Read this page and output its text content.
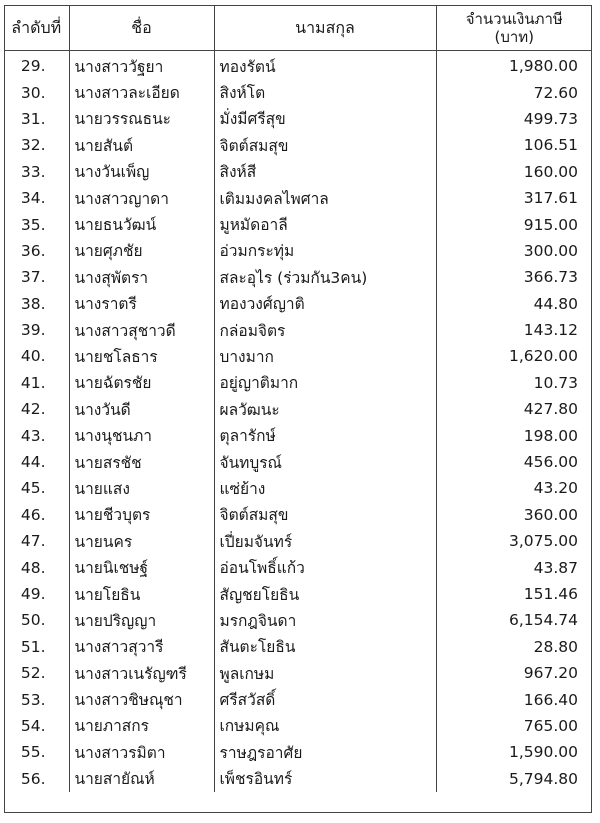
ลำดับที่	ชื่อ	นามสกุล	จำนวนเงินภาษี
(บาท)

29.	นางสาววัฐยา	ทองรัตน์	1,980.00
30.	นางสาวละเอียด	สิงห์โต	72.60
31.	นายวรรณธนะ	มั่งมีศรีสุข	499.73
32.	นายสันต์	จิตต์สมสุข	106.51
33.	นางวันเพ็ญ	สิงห์สี	160.00
34.	นางสาวญาดา	เติมมงคลไพศาล	317.61
35.	นายธนวัฒน์	มูหมัดอาลี	915.00
36.	นายศุภชัย	อ่วมกระทุ่ม	300.00
37.	นางสุพัตรา	สละอุไร (ร่วมกัน3คน)	366.73
38.	นางราตรี	ทองวงศ์ญาติ	44.80
39.	นางสาวสุชาวดี	กล่อมจิตร	143.12
40.	นายชโลธาร	บางมาก	1,620.00
41.	นายฉัตรชัย	อยู่ญาติมาก	10.73
42.	นางวันดี	ผลวัฒนะ	427.80
43.	นางนุชนภา	ตุลารักษ์	198.00
44.	นายสรชัช	จันทบูรณ์	456.00
45.	นายแสง	แซ่ย้าง	43.20
46.	นายชีวบุตร	จิตต์สมสุข	360.00
47.	นายนคร	เปี่ยมจันทร์	3,075.00
48.	นายนิเชษฐ์	อ่อนโพธิ์แก้ว	43.87
49.	นายโยธิน	สัญชยโยธิน	151.46
50.	นายปริญญา	มรกฎจินดา	6,154.74
51.	นางสาวสุวารี	สันตะโยธิน	28.80
52.	นางสาวเนรัญฑรี	พูลเกษม	967.20
53.	นางสาวชิษณุชา	ศรีสวัสดิ์	166.40
54.	นายภาสกร	เกษมคุณ	765.00
55.	นางสาวรมิตา	ราษฎรอาศัย	1,590.00
56.	นายสายัณห์	เพ็ชรอินทร์	5,794.80
